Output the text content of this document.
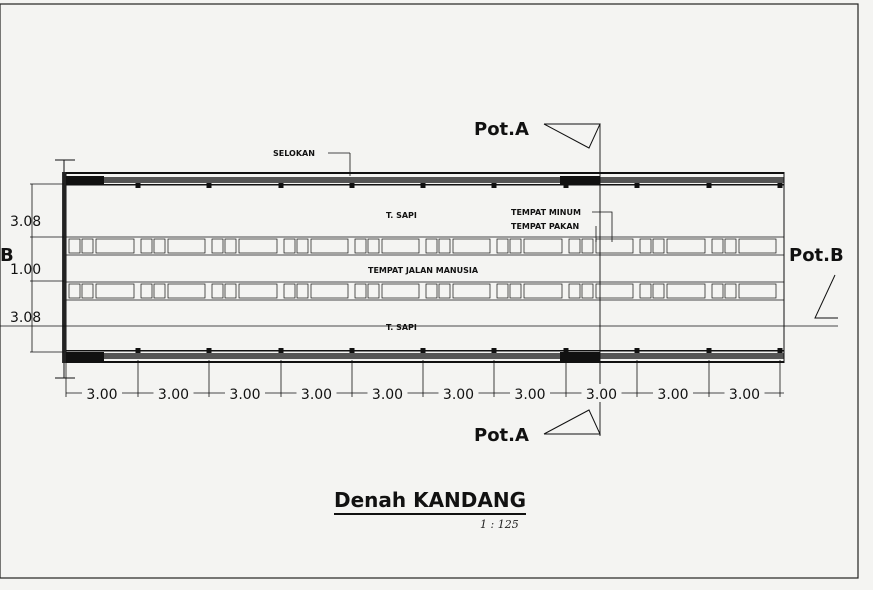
SELOKAN
T. SAPI	TEMPAT MINUM
TEMPAT PAKAN
TEMPAT JALAN MANUSIA
T. SAPI
B	Pot.B
Pot.A
Pot.A
3.08
1.00
3.08
3.00	3.00	3.00	3.00	3.00	3.00	3.00	3.00	3.00	3.00
Denah KANDANG
1 : 125
